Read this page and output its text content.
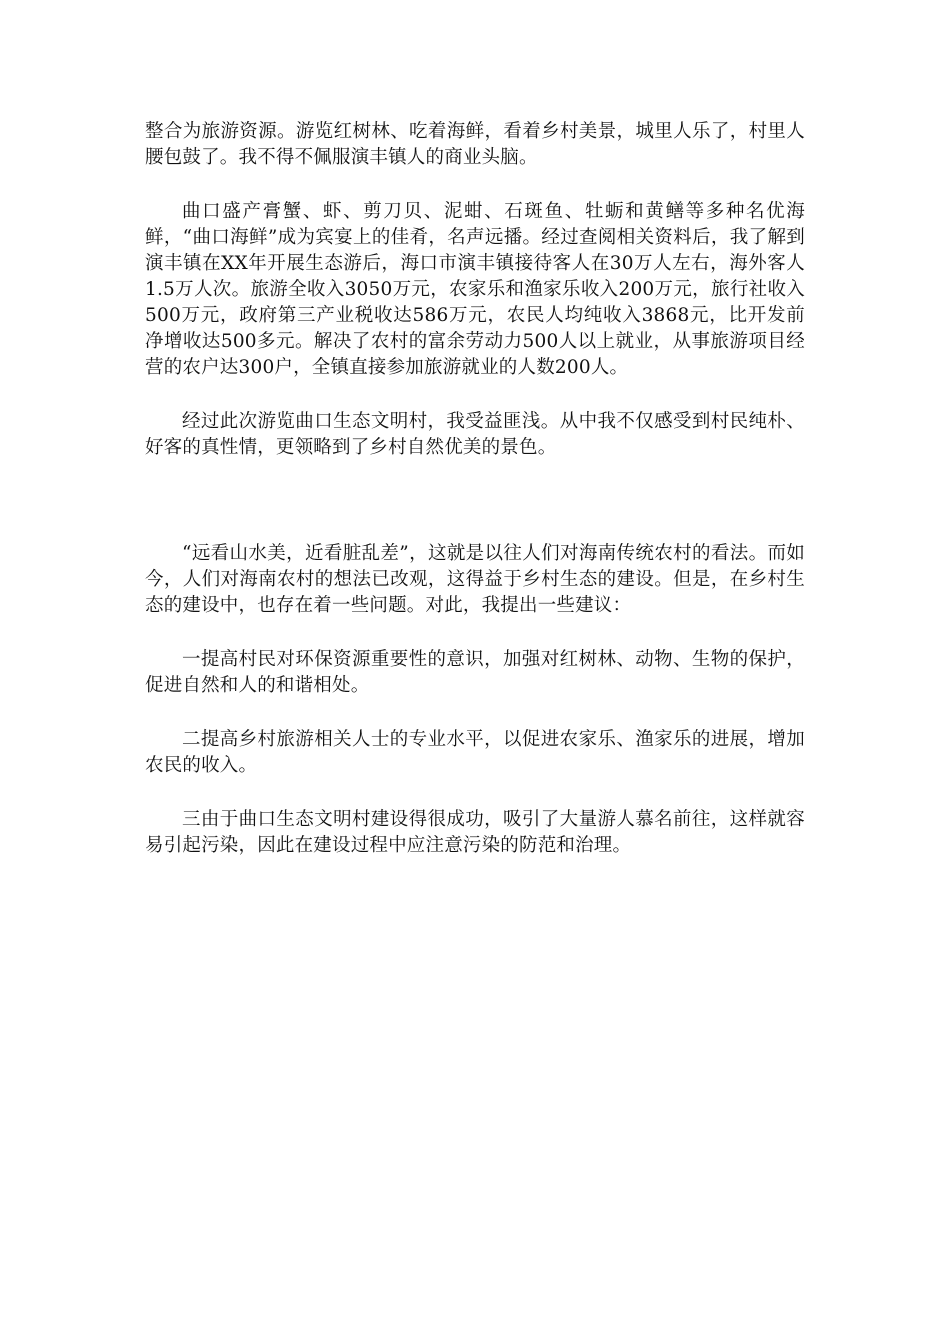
整合为旅游资源。游览红树林、吃着海鲜，看着乡村美景，城里人乐了，村里人腰包鼓了。我不得不佩服演丰镇人的商业头脑。

曲口盛产膏蟹、虾、剪刀贝、泥蚶、石斑鱼、牡蛎和黄鳝等多种名优海鲜，“曲口海鲜”成为宾宴上的佳肴，名声远播。经过查阅相关资料后，我了解到演丰镇在XX年开展生态游后，海口市演丰镇接待客人在30万人左右，海外客人1.5万人次。旅游全收入3050万元，农家乐和渔家乐收入200万元，旅行社收入500万元，政府第三产业税收达586万元，农民人均纯收入3868元，比开发前净增收达500多元。解决了农村的富余劳动力500人以上就业，从事旅游项目经营的农户达300户，全镇直接参加旅游就业的人数200人。

经过此次游览曲口生态文明村，我受益匪浅。从中我不仅感受到村民纯朴、好客的真性情，更领略到了乡村自然优美的景色。

“远看山水美，近看脏乱差”，这就是以往人们对海南传统农村的看法。而如今，人们对海南农村的想法已改观，这得益于乡村生态的建设。但是，在乡村生态的建设中，也存在着一些问题。对此，我提出一些建议：

一提高村民对环保资源重要性的意识，加强对红树林、动物、生物的保护，促进自然和人的和谐相处。

二提高乡村旅游相关人士的专业水平，以促进农家乐、渔家乐的进展，增加农民的收入。

三由于曲口生态文明村建设得很成功，吸引了大量游人慕名前往，这样就容易引起污染，因此在建设过程中应注意污染的防范和治理。
